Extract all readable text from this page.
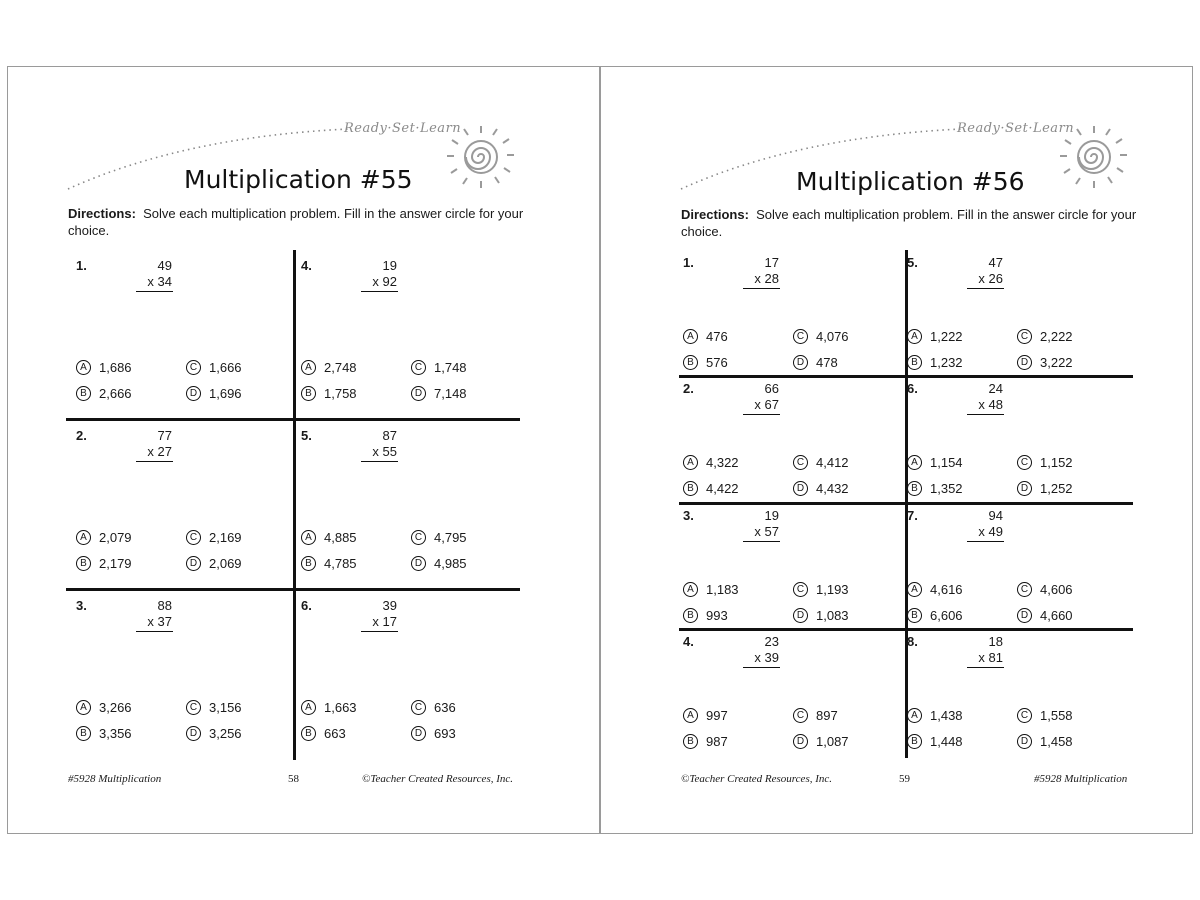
Ready·Set·Learn
Multiplication #55
Directions: Solve each multiplication problem. Fill in the answer circle for your choice.
1.	49
x 34
A 1,686
B 2,666
C 1,666
D 1,696
4.	19
x 92
A 2,748
B 1,758
C 1,748
D 7,148
2.	77
x 27
A 2,079
B 2,179
C 2,169
D 2,069
5.	87
x 55
A 4,885
B 4,785
C 4,795
D 4,985
3.	88
x 37
A 3,266
B 3,356
C 3,156
D 3,256
6.	39
x 17
A 1,663
B 663
C 636
D 693
#5928 Multiplication	58	©Teacher Created Resources, Inc.
Ready·Set·Learn
Multiplication #56
Directions: Solve each multiplication problem. Fill in the answer circle for your choice.
1.	17
x 28
A 476
B 576
C 4,076
D 478
5.	47
x 26
A 1,222
B 1,232
C 2,222
D 3,222
2.	66
x 67
A 4,322
B 4,422
C 4,412
D 4,432
6.	24
x 48
A 1,154
B 1,352
C 1,152
D 1,252
3.	19
x 57
A 1,183
B 993
C 1,193
D 1,083
7.	94
x 49
A 4,616
B 6,606
C 4,606
D 4,660
4.	23
x 39
A 997
B 987
C 897
D 1,087
8.	18
x 81
A 1,438
B 1,448
C 1,558
D 1,458
©Teacher Created Resources, Inc.	59	#5928 Multiplication
